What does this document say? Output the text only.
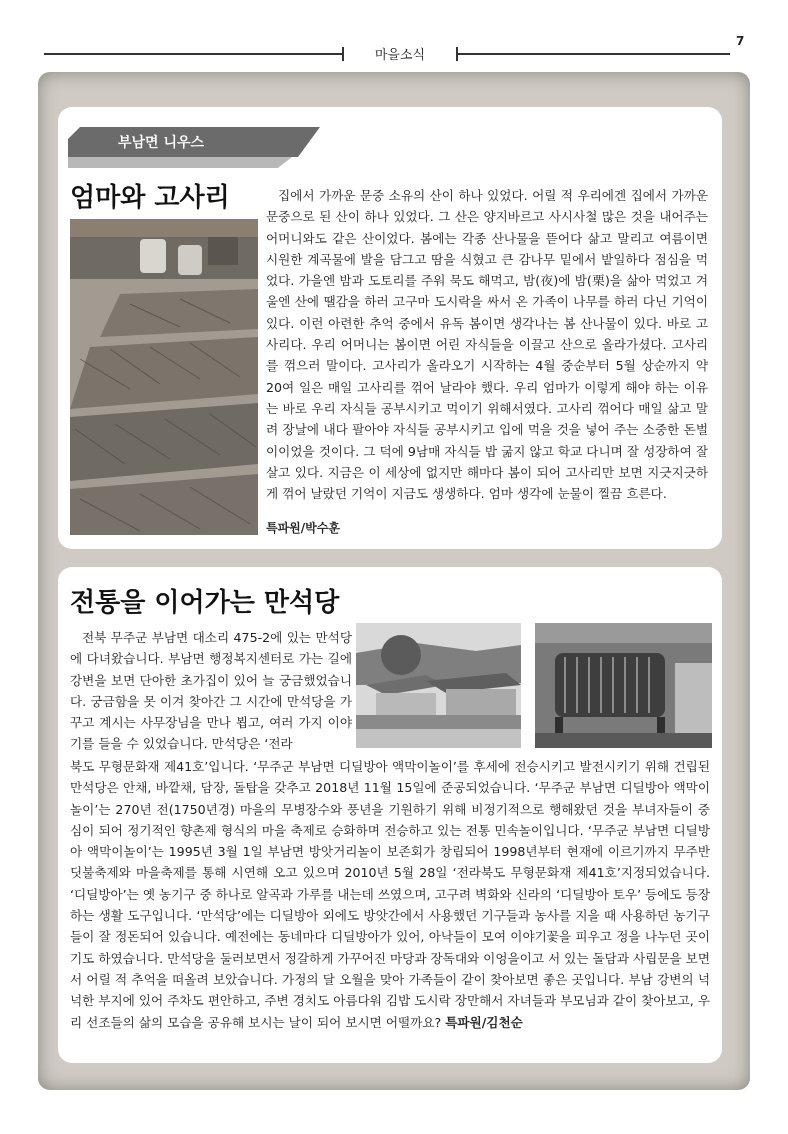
마을소식
7
부남면 니우스
엄마와 고사리	집에서 가까운 문중 소유의 산이 하나 있었다. 어릴 적 우리에겐 집에서 가까운 문중으로 된 산이 하나 있었다. 그 산은 양지바르고 사시사철 많은 것을 내어주는 어머니와도 같은 산이었다. 봄에는 각종 산나물을 뜯어다 삶고 말리고 여름이면 시원한 계곡물에 발을 담그고 땀을 식혔고 큰 감나무 밑에서 밭일하다 점심을 먹었다. 가을엔 밤과 도토리를 주워 묵도 해먹고, 밤(夜)에 밤(栗)을 삶아 먹었고 겨울엔 산에 땔감을 하러 고구마 도시락을 싸서 온 가족이 나무를 하러 다닌 기억이 있다. 이런 아련한 추억 중에서 유독 봄이면 생각나는 봄 산나물이 있다. 바로 고사리다. 우리 어머니는 봄이면 어린 자식들을 이끌고 산으로 올라가셨다. 고사리를 꺾으러 말이다. 고사리가 올라오기 시작하는 4월 중순부터 5월 상순까지 약 20여 일은 매일 고사리를 꺾어 날라야 했다. 우리 엄마가 이렇게 해야 하는 이유는 바로 우리 자식들 공부시키고 먹이기 위해서였다. 고사리 꺾어다 매일 삶고 말려 장날에 내다 팔아야 자식들 공부시키고 입에 먹을 것을 넣어 주는 소중한 돈벌이이었을 것이다. 그 덕에 9남매 자식들 밥 굶지 않고 학교 다니며 잘 성장하여 잘 살고 있다. 지금은 이 세상에 없지만 해마다 봄이 되어 고사리만 보면 지긋지긋하게 꺾어 날랐던 기억이 지금도 생생하다. 엄마 생각에 눈물이 찔끔 흐른다.
특파원/박수훈
전통을 이어가는 만석당
전북 무주군 부남면 대소리 475-2에 있는 만석당에 다녀왔습니다. 부남면 행정복지센터로 가는 길에 강변을 보면 단아한 초가집이 있어 늘 궁금했었습니다. 궁금함을 못 이겨 찾아간 그 시간에 만석당을 가꾸고 계시는 사무장님을 만나 뵙고, 여러 가지 이야기를 들을 수 있었습니다. 만석당은 ‘전라
북도 무형문화재 제41호’입니다. ‘무주군 부남면 디딜방아 액막이놀이’를 후세에 전승시키고 발전시키기 위해 건립된 만석당은 안채, 바깥채, 담장, 돌탑을 갖추고 2018년 11월 15일에 준공되었습니다. ‘무주군 부남면 디딜방아 액막이놀이’는 270년 전(1750년경) 마을의 무병장수와 풍년을 기원하기 위해 비정기적으로 행해왔던 것을 부녀자들이 중심이 되어 정기적인 향촌제 형식의 마을 축제로 승화하며 전승하고 있는 전통 민속놀이입니다. ‘무주군 부남면 디딜방아 액막이놀이’는 1995년 3월 1일 부남면 방앗거리놀이 보존회가 창립되어 1998년부터 현재에 이르기까지 무주반딧불축제와 마을축제를 통해 시연해 오고 있으며 2010년 5월 28일 ‘전라북도 무형문화재 제41호’지정되었습니다. ‘디딜방아’는 옛 농기구 중 하나로 알곡과 가루를 내는데 쓰였으며, 고구려 벽화와 신라의 ‘디딜방아 토우’ 등에도 등장하는 생활 도구입니다. ‘만석당’에는 디딜방아 외에도 방앗간에서 사용했던 기구들과 농사를 지을 때 사용하던 농기구들이 잘 정돈되어 있습니다. 예전에는 동네마다 디딜방아가 있어, 아낙들이 모여 이야기꽃을 피우고 정을 나누던 곳이기도 하였습니다. 만석당을 둘러보면서 정갈하게 가꾸어진 마당과 장독대와 이엉을이고 서 있는 돌담과 사립문을 보면서 어릴 적 추억을 떠올려 보았습니다. 가정의 달 오월을 맞아 가족들이 같이 찾아보면 좋은 곳입니다. 부남 강변의 넉넉한 부지에 있어 주차도 편안하고, 주변 경치도 아름다워 김밥 도시락 장만해서 자녀들과 부모님과 같이 찾아보고, 우리 선조들의 삶의 모습을 공유해 보시는 날이 되어 보시면 어떨까요? 특파원/김천순
